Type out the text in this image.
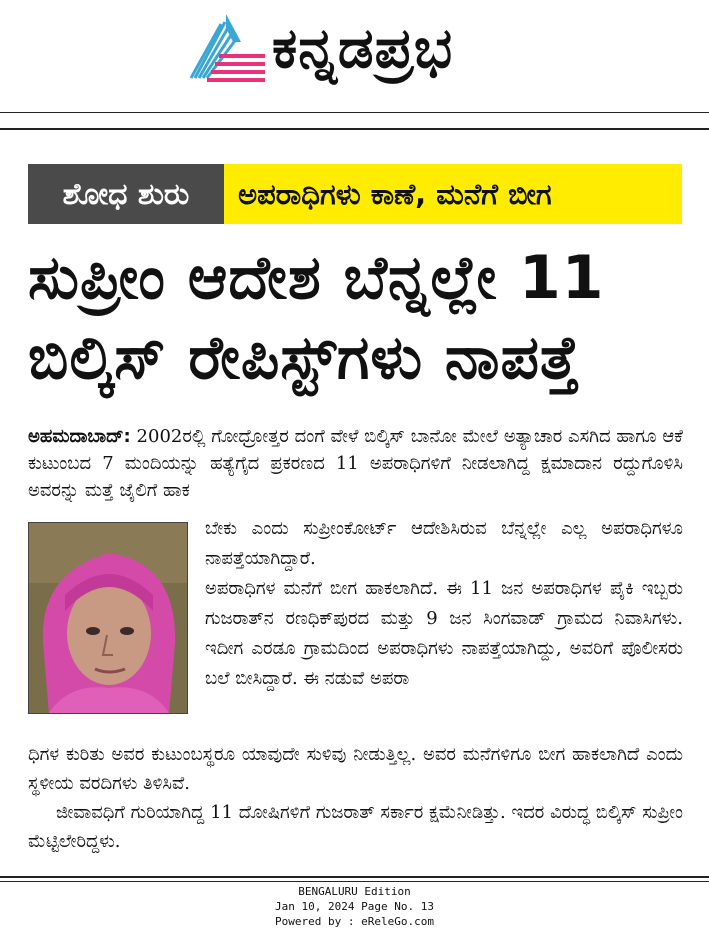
ಕನ್ನಡಪ್ರಭ
ಶೋಧ ಶುರು	ಅಪರಾಧಿಗಳು ಕಾಣೆ, ಮನೆಗೆ ಬೀಗ
ಸುಪ್ರೀಂ ಆದೇಶ ಬೆನ್ನಲ್ಲೇ 11
ಬಿಲ್ಕಿಸ್ ರೇಪಿಸ್ಟ್‌ಗಳು ನಾಪತ್ತೆ
ಅಹಮದಾಬಾದ್: 2002ರಲ್ಲಿ ಗೋಧ್ರೋತ್ತರ ದಂಗೆ ವೇಳೆ ಬಿಲ್ಕಿಸ್ ಬಾನೋ ಮೇಲೆ ಅತ್ಯಾಚಾರ ಎಸಗಿದ ಹಾಗೂ ಆಕೆ ಕುಟುಂಬದ 7 ಮಂದಿಯನ್ನು ಹತ್ಯೆಗೈದ ಪ್ರಕರಣದ 11 ಅಪರಾಧಿಗಳಿಗೆ ನೀಡಲಾಗಿದ್ದ ಕ್ಷಮಾದಾನ ರದ್ದುಗೊಳಿಸಿ ಅವರನ್ನು ಮತ್ತೆ ಜೈಲಿಗೆ ಹಾಕ

ಬೇಕು ಎಂದು ಸುಪ್ರೀಂಕೋರ್ಟ್ ಆದೇಶಿಸಿರುವ ಬೆನ್ನಲ್ಲೇ ಎಲ್ಲ ಅಪರಾಧಿಗಳೂ ನಾಪತ್ತೆಯಾಗಿದ್ದಾರೆ.

ಅಪರಾಧಿಗಳ ಮನೆಗೆ ಬೀಗ ಹಾಕಲಾಗಿದೆ. ಈ 11 ಜನ ಅಪರಾಧಿಗಳ ಪೈಕಿ ಇಬ್ಬರು ಗುಜರಾತ್‌ನ ರಣಧಿಕ್‌ಪುರದ ಮತ್ತು 9 ಜನ ಸಿಂಗವಾಡ್ ಗ್ರಾಮದ ನಿವಾಸಿಗಳು. ಇದೀಗ ಎರಡೂ ಗ್ರಾಮದಿಂದ ಅಪರಾಧಿಗಳು ನಾಪತ್ತೆಯಾಗಿದ್ದು, ಅವರಿಗೆ ಪೊಲೀಸರು ಬಲೆ ಬೀಸಿದ್ದಾರೆ. ಈ ನಡುವೆ ಅಪರಾ

ಧಿಗಳ ಕುರಿತು ಅವರ ಕುಟುಂಬಸ್ಥರೂ ಯಾವುದೇ ಸುಳಿವು ನೀಡುತ್ತಿಲ್ಲ. ಅವರ ಮನೆಗಳಿಗೂ ಬೀಗ ಹಾಕಲಾಗಿದೆ ಎಂದು ಸ್ಥಳೀಯ ವರದಿಗಳು ತಿಳಿಸಿವೆ.

ಜೀವಾವಧಿಗೆ ಗುರಿಯಾಗಿದ್ದ 11 ದೋಷಿಗಳಿಗೆ ಗುಜರಾತ್ ಸರ್ಕಾರ ಕ್ಷಮೆನೀಡಿತ್ತು. ಇದರ ವಿರುದ್ಧ ಬಿಲ್ಕಿಸ್ ಸುಪ್ರೀಂ ಮೆಟ್ಟಿಲೇರಿದ್ದಳು.

BENGALURU Edition
Jan 10, 2024 Page No. 13
Powered by : eReleGo.com
